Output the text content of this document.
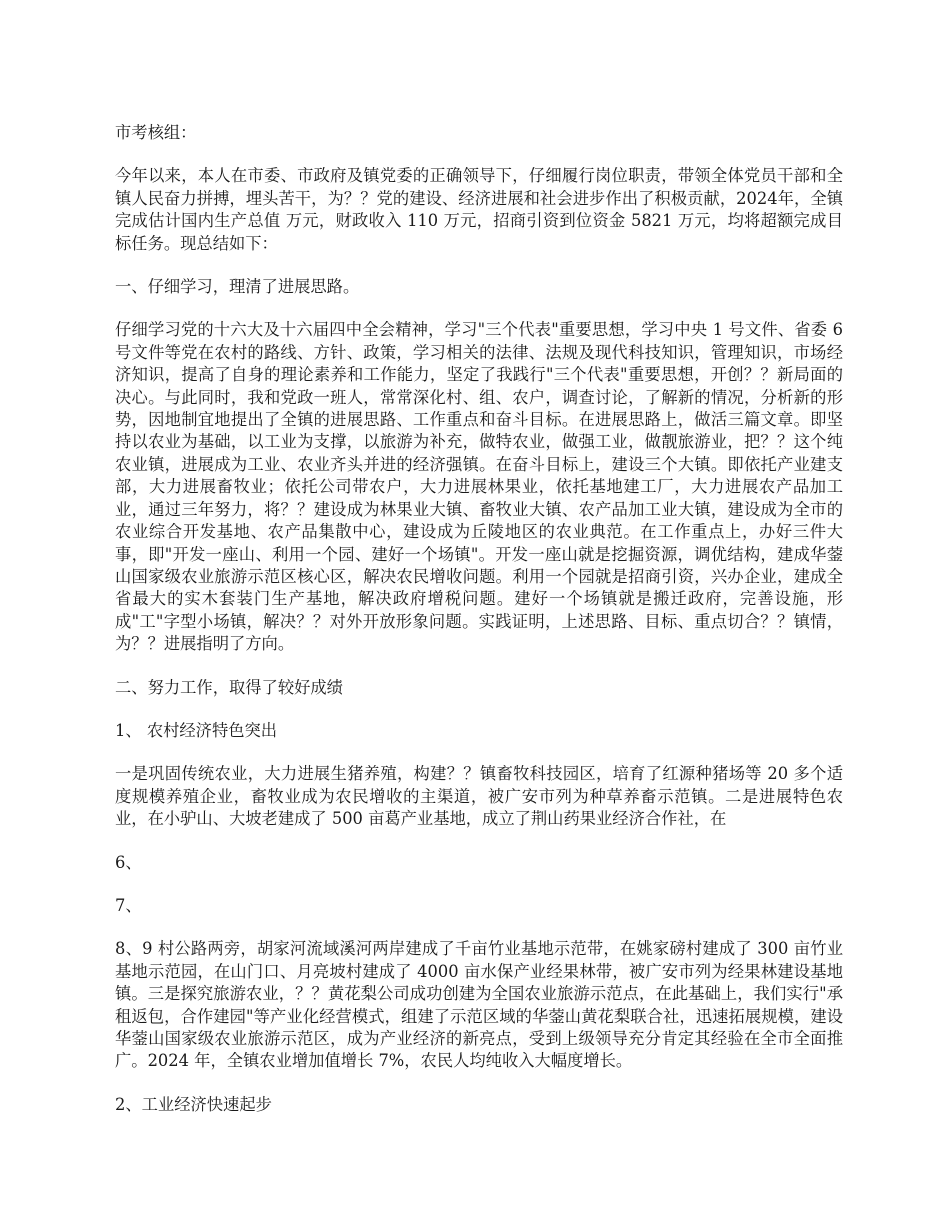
市考核组：

今年以来，本人在市委、市政府及镇党委的正确领导下，仔细履行岗位职责，带领全体党员干部和全镇人民奋力拼搏，埋头苦干，为？？党的建设、经济进展和社会进步作出了积极贡献，2024年，全镇完成估计国内生产总值 万元，财政收入 110 万元，招商引资到位资金 5821 万元，均将超额完成目标任务。现总结如下：

一、仔细学习，理清了进展思路。

仔细学习党的十六大及十六届四中全会精神，学习"三个代表"重要思想，学习中央 1 号文件、省委 6 号文件等党在农村的路线、方针、政策，学习相关的法律、法规及现代科技知识，管理知识，市场经济知识，提高了自身的理论素养和工作能力，坚定了我践行"三个代表"重要思想，开创？？新局面的决心。与此同时，我和党政一班人，常常深化村、组、农户，调查讨论，了解新的情况，分析新的形势，因地制宜地提出了全镇的进展思路、工作重点和奋斗目标。在进展思路上，做活三篇文章。即坚持以农业为基础，以工业为支撑，以旅游为补充，做特农业，做强工业，做靓旅游业，把？？这个纯农业镇，进展成为工业、农业齐头并进的经济强镇。在奋斗目标上，建设三个大镇。即依托产业建支部，大力进展畜牧业；依托公司带农户，大力进展林果业，依托基地建工厂，大力进展农产品加工业，通过三年努力，将？？建设成为林果业大镇、畜牧业大镇、农产品加工业大镇，建设成为全市的农业综合开发基地、农产品集散中心，建设成为丘陵地区的农业典范。在工作重点上，办好三件大事，即"开发一座山、利用一个园、建好一个场镇"。开发一座山就是挖掘资源，调优结构，建成华蓥山国家级农业旅游示范区核心区，解决农民增收问题。利用一个园就是招商引资，兴办企业，建成全省最大的实木套装门生产基地，解决政府增税问题。建好一个场镇就是搬迁政府，完善设施，形成"工"字型小场镇，解决？？对外开放形象问题。实践证明，上述思路、目标、重点切合？？镇情，为？？进展指明了方向。

二、努力工作，取得了较好成绩

1、 农村经济特色突出

一是巩固传统农业，大力进展生猪养殖，构建？？镇畜牧科技园区，培育了红源种猪场等 20 多个适度规模养殖企业，畜牧业成为农民增收的主渠道，被广安市列为种草养畜示范镇。二是进展特色农业，在小驴山、大坡老建成了 500 亩葛产业基地，成立了荆山药果业经济合作社，在

6、

7、

8、9 村公路两旁，胡家河流域溪河两岸建成了千亩竹业基地示范带，在姚家磅村建成了 300 亩竹业基地示范园，在山门口、月亮坡村建成了 4000 亩水保产业经果林带，被广安市列为经果林建设基地镇。三是探究旅游农业，？？黄花梨公司成功创建为全国农业旅游示范点，在此基础上，我们实行"承租返包，合作建园"等产业化经营模式，组建了示范区域的华蓥山黄花梨联合社，迅速拓展规模，建设华蓥山国家级农业旅游示范区，成为产业经济的新亮点，受到上级领导充分肯定其经验在全市全面推广。2024 年，全镇农业增加值增长 7%，农民人均纯收入大幅度增长。

2、工业经济快速起步
